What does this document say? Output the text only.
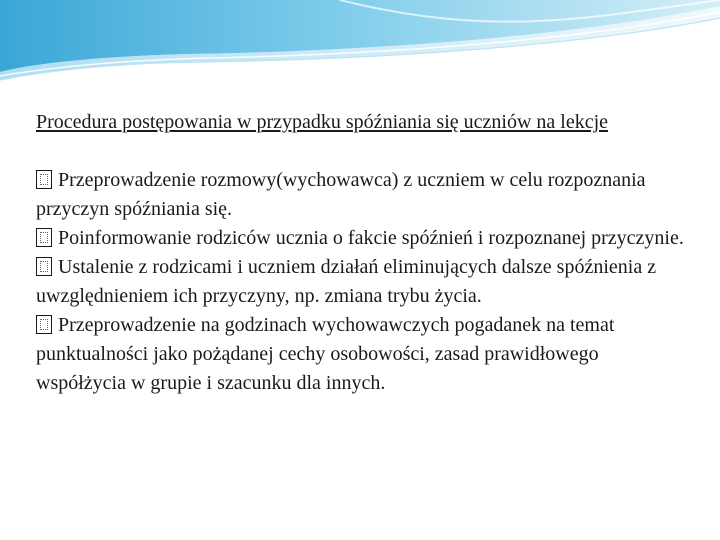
Procedura postępowania w przypadku spóźniania się uczniów na lekcje
Przeprowadzenie rozmowy(wychowawca) z uczniem w celu rozpoznania przyczyn spóźniania się.
Poinformowanie rodziców ucznia o fakcie spóźnień i rozpoznanej przyczynie.
Ustalenie z rodzicami i uczniem działań eliminujących dalsze spóźnienia z uwzględnieniem ich przyczyny, np. zmiana trybu życia.
Przeprowadzenie na godzinach wychowawczych pogadanek na temat punktualności jako pożądanej cechy osobowości, zasad prawidłowego współżycia w grupie i szacunku dla innych.
